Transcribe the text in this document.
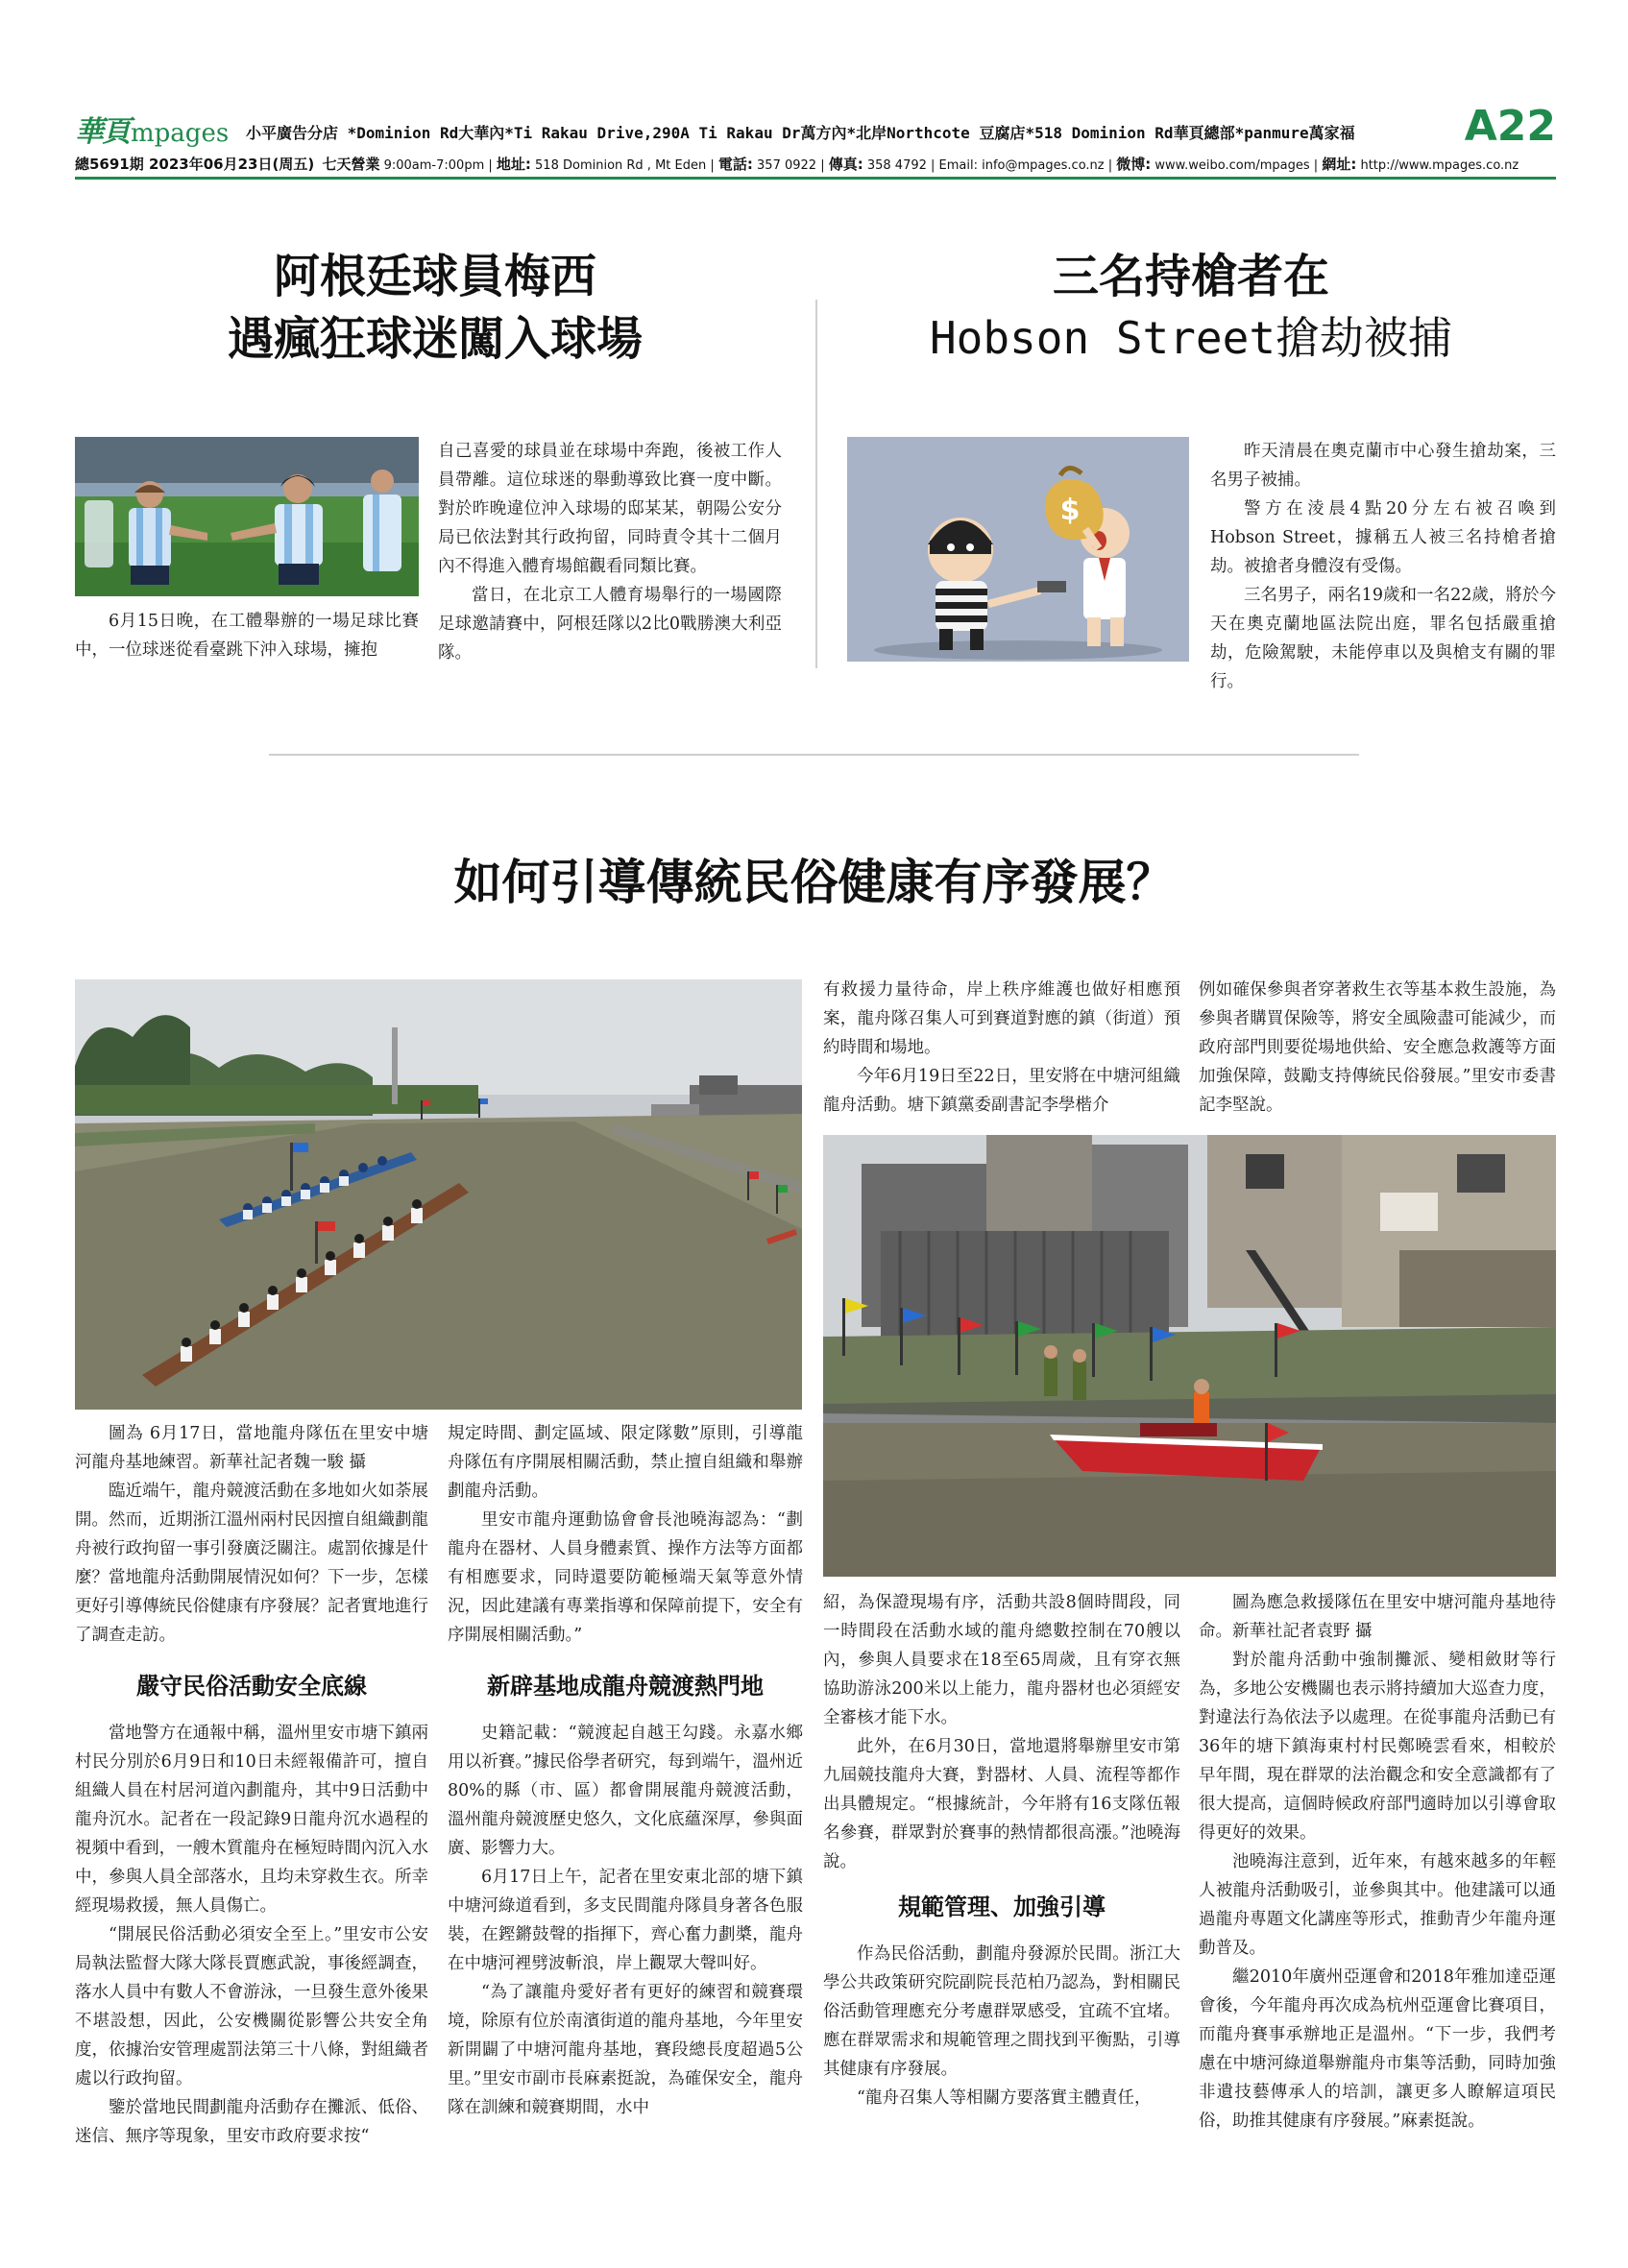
華頁 mpages 小平廣告分店 *Dominion Rd大華內*Ti Rakau Drive,290A Ti Rakau Dr萬方內*北岸Northcote 豆腐店*518 Dominion Rd華頁總部*panmure萬家福	A22
總5691期 2023年06月23日(周五) 七天營業 9:00am-7:00pm | 地址: 518 Dominion Rd , Mt Eden | 電話: 357 0922 | 傳真: 358 4792 | Email: info@mpages.co.nz | 微博: www.weibo.com/mpages | 網址: http://www.mpages.co.nz
阿根廷球員梅西
遇瘋狂球迷闖入球場

6月15日晚，在工體舉辦的一場足球比賽中，一位球迷從看臺跳下沖入球場，擁抱

自己喜愛的球員並在球場中奔跑，後被工作人員帶離。這位球迷的舉動導致比賽一度中斷。對於昨晚違位沖入球場的邸某某，朝陽公安分局已依法對其行政拘留，同時責令其十二個月內不得進入體育場館觀看同類比賽。

當日，在北京工人體育場舉行的一場國際足球邀請賽中，阿根廷隊以2比0戰勝澳大利亞隊。

三名持槍者在
Hobson Street搶劫被捕
$

昨天清晨在奧克蘭市中心發生搶劫案，三名男子被捕。

警方在淩晨4點20分左右被召喚到Hobson Street，據稱五人被三名持槍者搶劫。被搶者身體沒有受傷。

三名男子，兩名19歲和一名22歲，將於今天在奧克蘭地區法院出庭，罪名包括嚴重搶劫，危險駕駛，未能停車以及與槍支有關的罪行。

如何引導傳統民俗健康有序發展？

圖為 6月17日，當地龍舟隊伍在里安中塘河龍舟基地練習。新華社記者魏一駿 攝

臨近端午，龍舟競渡活動在多地如火如荼展開。然而，近期浙江溫州兩村民因擅自組織劃龍舟被行政拘留一事引發廣泛關注。處罰依據是什麼？當地龍舟活動開展情況如何？下一步，怎樣更好引導傳統民俗健康有序發展？記者實地進行了調查走訪。

嚴守民俗活動安全底線

當地警方在通報中稱，溫州里安市塘下鎮兩村民分別於6月9日和10日未經報備許可，擅自組織人員在村居河道內劃龍舟，其中9日活動中龍舟沉水。記者在一段記錄9日龍舟沉水過程的視頻中看到，一艘木質龍舟在極短時間內沉入水中，參與人員全部落水，且均未穿救生衣。所幸經現場救援，無人員傷亡。

“開展民俗活動必須安全至上。”里安市公安局執法監督大隊大隊長賈應武說，事後經調查，落水人員中有數人不會游泳，一旦發生意外後果不堪設想，因此，公安機關從影響公共安全角度，依據治安管理處罰法第三十八條，對組織者處以行政拘留。

鑒於當地民間劃龍舟活動存在攤派、低俗、迷信、無序等現象，里安市政府要求按“

規定時間、劃定區域、限定隊數”原則，引導龍舟隊伍有序開展相關活動，禁止擅自組織和舉辦劃龍舟活動。

里安市龍舟運動協會會長池曉海認為：“劃龍舟在器材、人員身體素質、操作方法等方面都有相應要求，同時還要防範極端天氣等意外情況，因此建議有專業指導和保障前提下，安全有序開展相關活動。”

新辟基地成龍舟競渡熱門地

史籍記載：“競渡起自越王勾踐。永嘉水鄉用以祈賽。”據民俗學者研究，每到端午，溫州近80%的縣（市、區）都會開展龍舟競渡活動，溫州龍舟競渡歷史悠久，文化底蘊深厚，參與面廣、影響力大。

6月17日上午，記者在里安東北部的塘下鎮中塘河綠道看到，多支民間龍舟隊員身著各色服裝，在鏗鏘鼓聲的指揮下，齊心奮力劃槳，龍舟在中塘河裡劈波斬浪，岸上觀眾大聲叫好。

“為了讓龍舟愛好者有更好的練習和競賽環境，除原有位於南濱街道的龍舟基地，今年里安新開闢了中塘河龍舟基地，賽段總長度超過5公里。”里安市副市長麻素挺說，為確保安全，龍舟隊在訓練和競賽期間，水中

有救援力量待命，岸上秩序維護也做好相應預案，龍舟隊召集人可到賽道對應的鎮（街道）預約時間和場地。

今年6月19日至22日，里安將在中塘河組織龍舟活動。塘下鎮黨委副書記李學楷介

例如確保參與者穿著救生衣等基本救生設施，為參與者購買保險等，將安全風險盡可能減少，而政府部門則要從場地供給、安全應急救護等方面加強保障，鼓勵支持傳統民俗發展。”里安市委書記李堅說。

紹，為保證現場有序，活動共設8個時間段，同一時間段在活動水域的龍舟總數控制在70艘以內，參與人員要求在18至65周歲，且有穿衣無協助游泳200米以上能力，龍舟器材也必須經安全審核才能下水。

此外，在6月30日，當地還將舉辦里安市第九屆競技龍舟大賽，對器材、人員、流程等都作出具體規定。“根據統計，今年將有16支隊伍報名參賽，群眾對於賽事的熱情都很高漲。”池曉海說。

規範管理、加強引導

作為民俗活動，劃龍舟發源於民間。浙江大學公共政策研究院副院長范柏乃認為，對相關民俗活動管理應充分考慮群眾感受，宜疏不宜堵。應在群眾需求和規範管理之間找到平衡點，引導其健康有序發展。

“龍舟召集人等相關方要落實主體責任，

圖為應急救援隊伍在里安中塘河龍舟基地待命。新華社記者袁野 攝

對於龍舟活動中強制攤派、變相斂財等行為，多地公安機關也表示將持續加大巡查力度，對違法行為依法予以處理。在從事龍舟活動已有36年的塘下鎮海東村村民鄭曉雲看來，相較於早年間，現在群眾的法治觀念和安全意識都有了很大提高，這個時候政府部門適時加以引導會取得更好的效果。

池曉海注意到，近年來，有越來越多的年輕人被龍舟活動吸引，並參與其中。他建議可以通過龍舟專題文化講座等形式，推動青少年龍舟運動普及。

繼2010年廣州亞運會和2018年雅加達亞運會後，今年龍舟再次成為杭州亞運會比賽項目，而龍舟賽事承辦地正是溫州。“下一步，我們考慮在中塘河綠道舉辦龍舟市集等活動，同時加強非遺技藝傳承人的培訓，讓更多人瞭解這項民俗，助推其健康有序發展。”麻素挺說。
